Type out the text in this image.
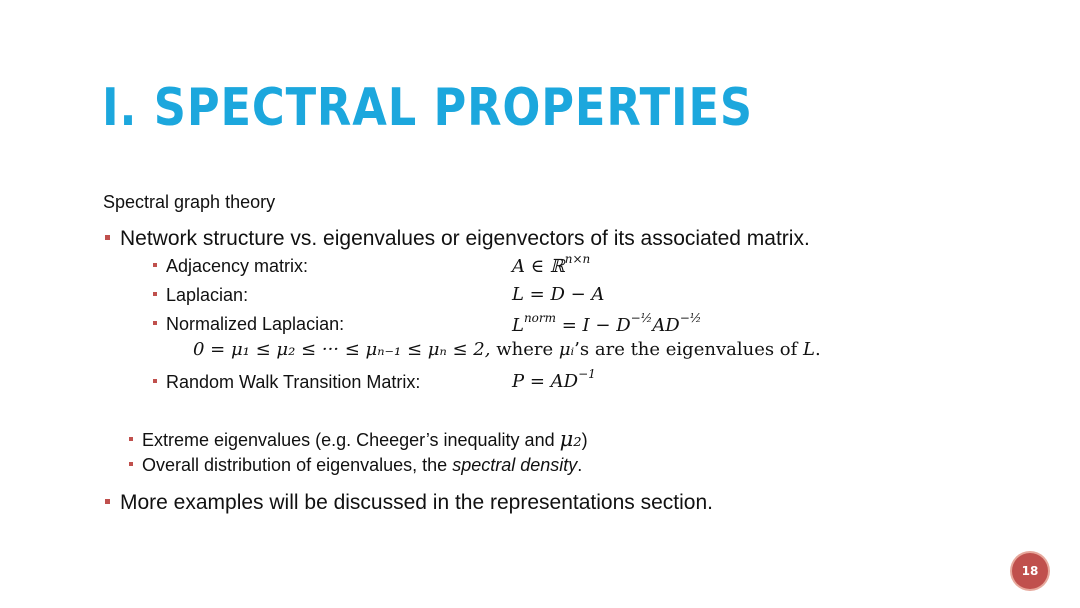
I. SPECTRAL PROPERTIES
Spectral graph theory
Network structure vs. eigenvalues or eigenvectors of its associated matrix.
Adjacency matrix:	A ∈ ℝ$^{n\times n}$
Laplacian:	L = D − A
Normalized Laplacian:	$L^{norm} = I - D^{-\frac{1}{2}}AD^{-\frac{1}{2}}$
0 = μ₁ ≤ μ₂ ≤ ··· ≤ μₙ₋₁ ≤ μₙ ≤ 2, where μᵢ’s are the eigenvalues of L.
Random Walk Transition Matrix:	$P = AD^{-1}$
Extreme eigenvalues (e.g. Cheeger’s inequality and μ₂)
Overall distribution of eigenvalues, the spectral density.
More examples will be discussed in the representations section.
18
